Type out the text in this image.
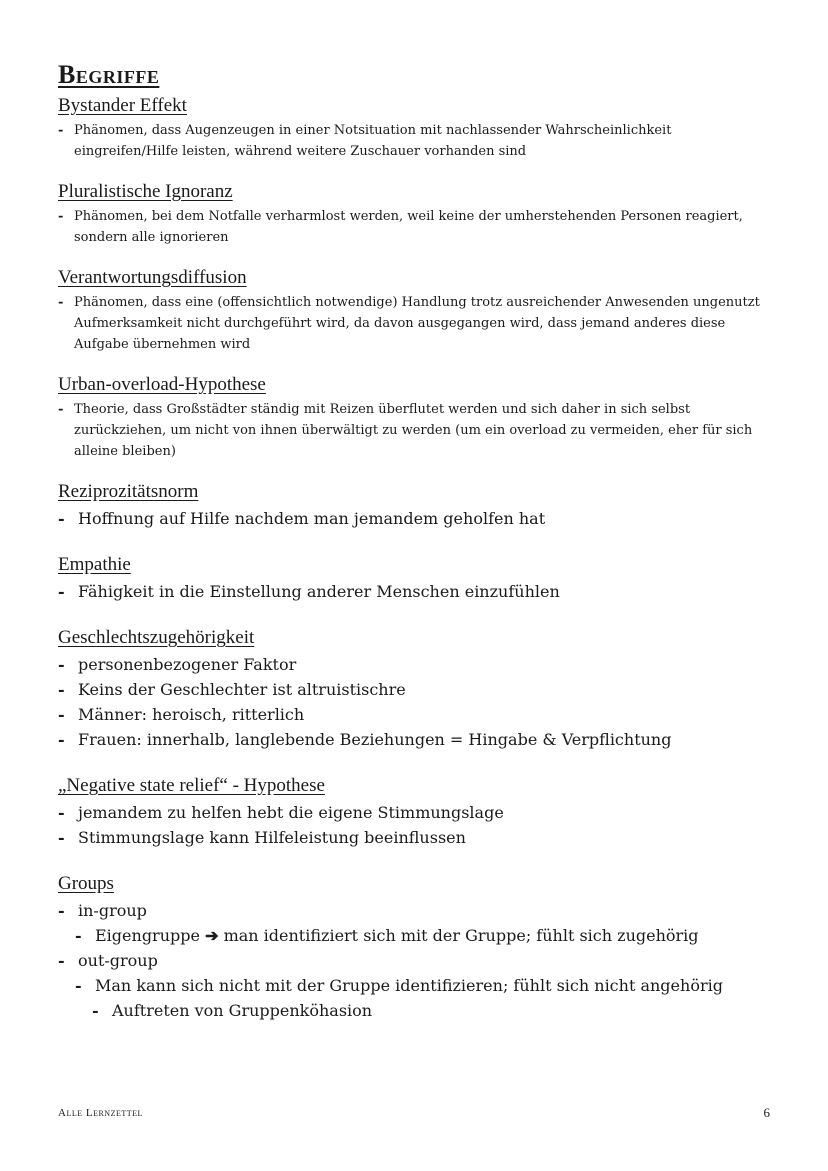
Begriffe
Bystander Effekt
- Phänomen, dass Augenzeugen in einer Notsituation mit nachlassender Wahrscheinlichkeit eingreifen/Hilfe leisten, während weitere Zuschauer vorhanden sind
Pluralistische Ignoranz
- Phänomen, bei dem Notfalle verharmlost werden, weil keine der umherstehenden Personen reagiert, sondern alle ignorieren
Verantwortungsdiffusion
- Phänomen, dass eine (offensichtlich notwendige) Handlung trotz ausreichender Anwesenden ungenutzt Aufmerksamkeit nicht durchgeführt wird, da davon ausgegangen wird, dass jemand anderes diese Aufgabe übernehmen wird
Urban-overload-Hypothese
- Theorie, dass Großstädter ständig mit Reizen überflutet werden und sich daher in sich selbst zurückziehen, um nicht von ihnen überwältigt zu werden (um ein overload zu vermeiden, eher für sich alleine bleiben)
Reziprozitätsnorm
- Hoffnung auf Hilfe nachdem man jemandem geholfen hat
Empathie
- Fähigkeit in die Einstellung anderer Menschen einzufühlen
Geschlechtszugehörigkeit
- personenbezogener Faktor
- Keins der Geschlechter ist altruistischre
- Männer: heroisch, ritterlich
- Frauen: innerhalb, langlebende Beziehungen = Hingabe & Verpflichtung
„Negative state relief“ - Hypothese
- jemandem zu helfen hebt die eigene Stimmungslage
- Stimmungslage kann Hilfeleistung beeinflussen
Groups
- in-group
- Eigengruppe ➔ man identifiziert sich mit der Gruppe; fühlt sich zugehörig
- out-group
- Man kann sich nicht mit der Gruppe identifizieren; fühlt sich nicht angehörig
- Auftreten von Gruppenköhasion
Alle Lernzettel	6
